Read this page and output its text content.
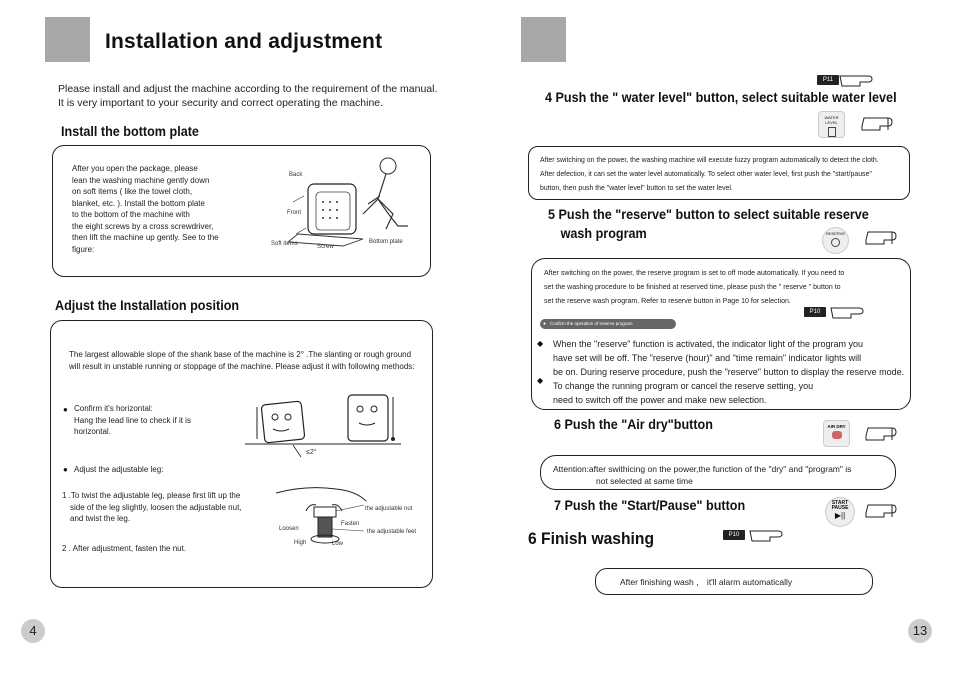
Installation and adjustment
Please install and adjust the machine according to the requirement of the manual.
It is very important to your security and correct operating the machine.
Install the bottom plate
After you open the package, please
lean the washing machine gently down
on soft items ( like the towel cloth,
blanket, etc. ). Install the bottom plate
to the bottom of the machine with
the eight screws by a cross screwdriver,
then lift the machine up gently. See to the
figure:
Back
Front
Soft items	Screw
Bottom plate
Adjust the Installation position
The largest allowable slope of the shank base of the machine is 2° .The slanting or rough ground
will result in unstable running or stoppage of the machine. Please adjust it with following methods:
● Confirm it's horizontal:
Hang the lead line to check if it is
horizontal.
≤2°
● Adjust the adjustable leg:
1 .To twist the adjustable leg, please first lift up the
side of the leg slightly, loosen the adjustable nut,
and twist the leg.
2 . After adjustment, fasten the nut.
the adjustable nut
Fasten
Loosen	the adjustable feet
High	Low
4
P11
4 Push the " water level" button, select suitable water level
WATER LEVEL
After switching on the power, the washing machine will execute fuzzy program automatically to detect the cloth.
After defection, it can set the water level automatically. To select other water level, first push the "start/pause"
button, then push the "water level" button to set the water level.
5 Push the "reserve" button to select suitable reserve
wash program	RESERVE
After switching on the power, the reserve program is set to off mode automatically. If you need to
set the washing procedure to be finished at reserved time, please push the " reserve " button to
set the reserve wash program. Refer to reserve button in Page 10 for selection.
P10
● Confirm the operation of reserve program
◆ When the "reserve" function is activated, the indicator light of the program you
have set will be off. The "reserve (hour)" and "time remain" indicator lights will
be on. During reserve procedure, push the "reserve" button to display the reserve mode.
◆
To change the running program or cancel the reserve setting, you
need to switch off the power and make new selection.
6 Push the "Air dry"button	AIR DRY
Attention:after swithicing on the power,the function of the "dry" and "program" is
not selected at same time
7 Push the "Start/Pause" button	START
PAUSE
▶||
6 Finish washing	P10
After finishing wash ， it'll alarm automatically
13
